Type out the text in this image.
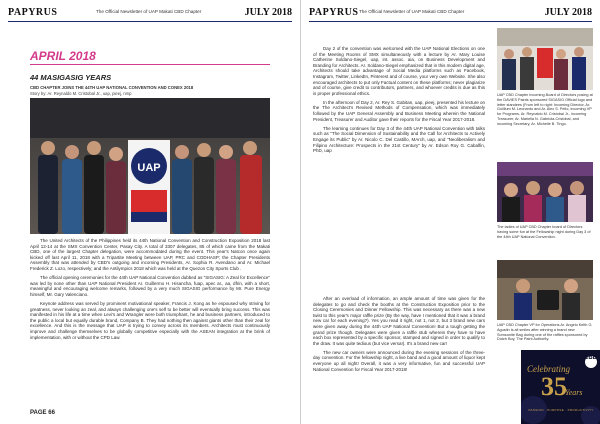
PAPYRUS	The Official Newsletter of UAP Makati CBD Chapter	JULY 2018
APRIL 2018
44 MASIGASIG YEARS
CBD CHAPTER JOINS THE 44TH UAP NATIONAL CONVENTION AND CONEX 2018
Story by: Ar. Reynaldo M. Cristobal Jr., uap, pieej, nmp
UAP

The United Architects of the Philippines held its 44th National Convention and Construction Exposition 2018 last April 12-14 at the SMX Convention Center, Pasay City. A total of 3307 delegates, 85 of which came from the Makati CBD, one of the largest Chapter delegation, were accommodated during the event. This year's Natcon once again kicked off last April 11, 2018 with a Tripartite Meeting between UAP, PRC and CODHASP; the Chapter Presidents Assembly that was attended by CBD's outgoing and incoming Presidents, Ar. Sophia R. Avendano and Ar. Michael Frederick Z. Lozo, respectively; and the Antilympics 2018 which was held at the Quezon City Sports Club .

The official opening ceremonies for the 44th UAP National Convention dubbed as "SIGASIG: A Zeal for Excellence" was led by none other than UAP National President Ar. Guillermo H. Hisancha, fuap, apec ar., aa, dfrin, with a short, meaningful and encouraging welcome remarks, followed by a very much SIGASIG performance by Mr. Pure Energy himself, Mr. Gary Valenciano.

Keynote address was served by prominent motivational speaker, Francis J. Kong as he espoused why striving for greatness, never looking an zeal, and always challenging one's self to be better will eventually bring success. This was manifested in his life at a time when Levi's and Wrangler were both triumphant, he and business partners, introduced to the public a local but equally durable brand, Company B. They had nothing then against giants other than their zeal for excellence. And this is the message that UAP is trying to convey across its members. Architects must continuously improve and challenge themselves to be globally competitive especially with the ASEAN integration at the brink of implementation, with or without the CPD Law.

PAGE 66
PAPYRUS The Official Newsletter of UAP Makati CBD Chapter	JULY 2018

Day 2 of the convention was welcomed with the UAP National Elections on one of the Meeting Rooms of SMX simultaneously with a lecture by Ar. Mary Louise Catherine Soldano-Siegel, uap, int. assoc. aia, on Business Development and Branding for Architects. Ar. Soldano-Siegel emphasized that in this modern digital age, Architects should take advantage of Social Media platforms such as Facebook, Instagram, Twitter, LinkedIn, Pinterest and of course, your very own Website. She also encouraged architects to put only Factual content on these platforms; never plagiarize and of course, give credit to contributors, partners, and whoever credits is due as this is proper professional ethics.

In the afternoon of Day 2, Ar. Rey S. Gabitan, uap, pieej, presented his lecture on the The Architect's Revised Methods of Compensation, which was immediately followed by the UAP General Assembly and Business Meeting wherein the National President, Treasurer and Auditor gave their reports for the Fiscal Year 2017-2018.

The learning continues for Day 3 of the 44th UAP National Convention with talks such as "The Social Dimension of Sustainability and the Call for Architects to Actively Engage its Public" by Ar. Nicolo C. Del Castillo, MArch, uap, and "Neoliberalism and Filipino Architecture: Prospects in the 21st Century" by Ar. Edson Roy G. Cabalfin, PhD, uap

After an overload of information, an ample amount of time was given for the delegates to go and check the booths at the Construction Exposition prior to the Closing Ceremonies and Dinner Fellowship. This was necessary as there was a new twist to this year's major raffle prize (By the way, have I mentioned that it was a brand new car for each evening?). Yes you read it right, not 1, not 2, but 3 brand new cars were given away during the 44th UAP National Convention! But a tough getting the grand prize though. Delegates were given a raffle stub wherein they have to have each box represented by a specific sponsor, stamped and signed in order to qualify to the draw. It was quite tedious (but vice versa!). It's a brand new car!

The new car owners were announced during the evening sessions of the three-day convention. For the fellowship night, a live band and a good amount of liquor kept everyone up all night! Overall, it was a very informative, fun and successful UAP National Convention for Fiscal Year 2017-2018!

UAP CBD Chapter incoming Board of Directors posing at the DAVIES Paints sponsored SIGASIG Official logo and letter standees (From left to right: Incoming Director, Ar. Guillium M. Leonardo and Ar. Alex S. Pello, incoming VP for Programs, Ar. Reynaldo M. Cristobal Jr., incoming Treasurer, Ar. Mariella N. Gabriola-Cristobal, and incoming Secretary, Ar. Michelle B. Tingo.
The ladies of UAP CBD Chapter board of Directors having some fun at the Fellowship night during Day 3 of the 44th UAP National Convention.
UAP CBD Chapter VP for Operations Ar. Angelo Keith G. Agustin is all smiles after winning a brand new Somsonite Bag during one of the raffles sponsored by Dutch Boy, The Paint Authority.
CBD
Celebrating
35
Years
PASSION · PURPOSE · PRODUCTIVITY
